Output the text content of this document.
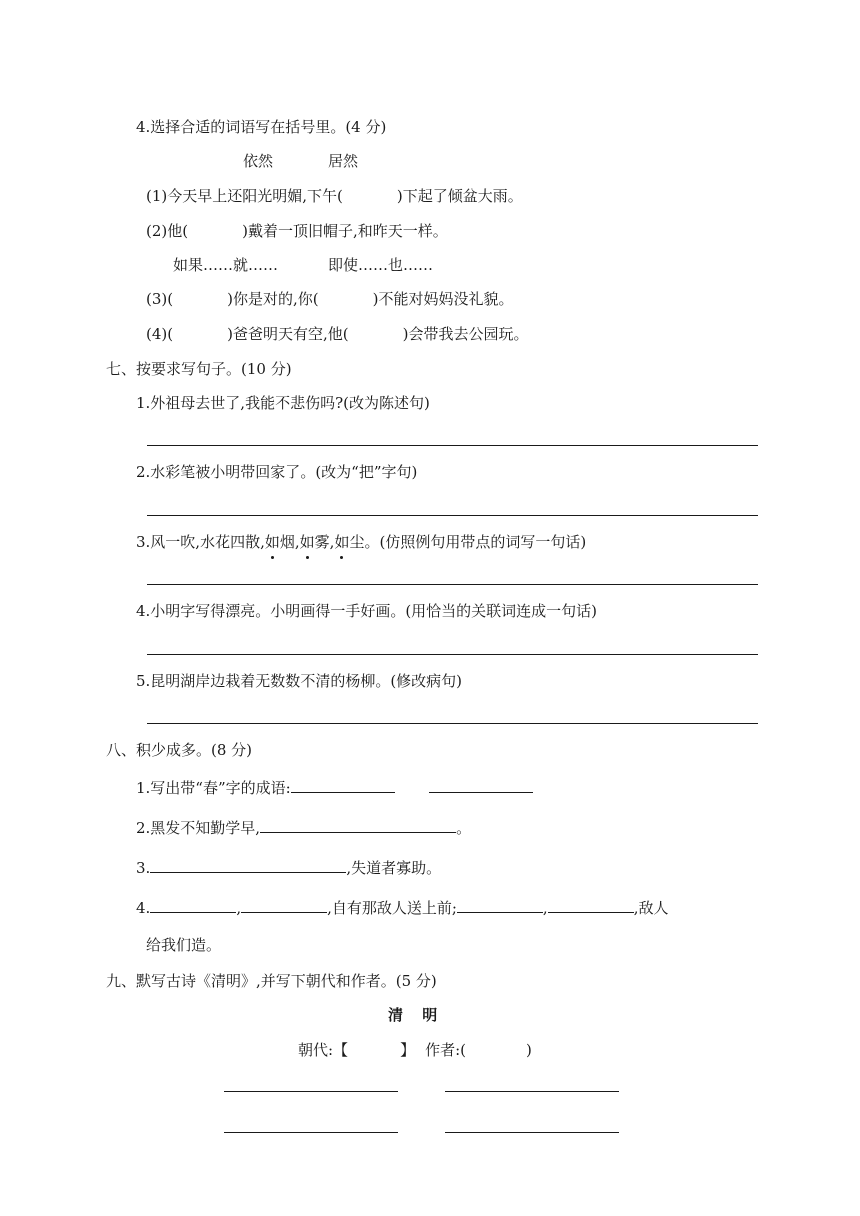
4.选择合适的词语写在括号里。(4 分)
依然	居然
(1)今天早上还阳光明媚,下午(	)下起了倾盆大雨。
(2)他(	)戴着一顶旧帽子,和昨天一样。
如果……就……	即使……也……
(3)(	)你是对的,你(	)不能对妈妈没礼貌。
(4)(	)爸爸明天有空,他(	)会带我去公园玩。
七、按要求写句子。(10 分)
1.外祖母去世了,我能不悲伤吗?(改为陈述句)
2.水彩笔被小明带回家了。(改为“把”字句)
3.风一吹,水花四散,如烟,如雾,如尘。(仿照例句用带点的词写一句话)
4.小明字写得漂亮。小明画得一手好画。(用恰当的关联词连成一句话)
5.昆明湖岸边栽着无数数不清的杨柳。(修改病句)
八、积少成多。(8 分)
1.写出带“春”字的成语:
2.黑发不知勤学早,	。
3.	,失道者寡助。
4.	,	,自有那敌人送上前;	,	,敌人
给我们造。
九、默写古诗《清明》,并写下朝代和作者。(5 分)
清 明
朝代:【	】 作者:(	)
